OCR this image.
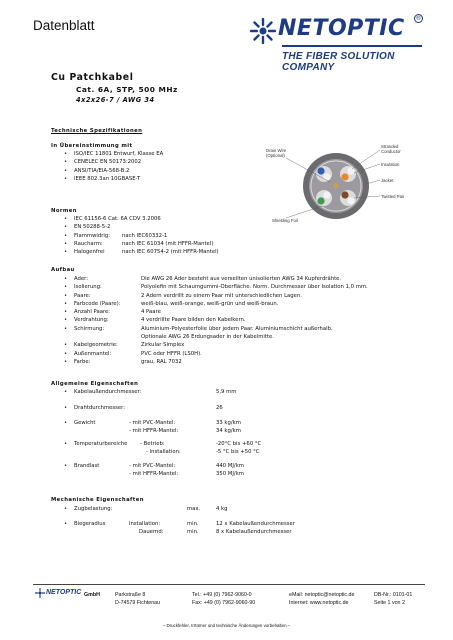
Datenblatt	NETOPTIC ®
THE FIBER SOLUTION COMPANY
Cu Patchkabel
Cat. 6A, STP, 500 MHz
4x2x26-7 / AWG 34
Technische Spezifikationen
In Übereinstimmung mit
• ISO/IEC 11801 Entwurf, Klasse EA
• CENELEC EN 50173:2002
• ANSI/TIA/EIA-568-B.2
• IEEE 802.3an 10GBASE-T
Drain Wire
(Optional)
Stranded
Conductor
Insulation
Jacket
Twisted Pair
Shielding Foil
Normen
• IEC 61156-6 Cat. 6A CDV 3.2006
• EN 50288-5-2
• Flammwidrig: nach IEC60332-1
• Raucharm:	nach IEC 61034 (mit HFFR-Mantel)
• Halogenfrei	nach IEC 60754-2 (mit HFFR-Mantel)
Aufbau
• Ader:	Die AWG 26 Ader besteht aus verseilten unisolierten AWG 34 Kupferdrähte.
• Isolierung:	Polyolefin mit Schaumgummi-Oberfläche. Norm. Durchmesser über Isolation 1,0 mm.
• Paare:	2 Adern verdrillt zu einem Paar mit unterschiedlichen Lagen.
• Farbcode (Paare):	weiß-blau, weiß-orange, weiß-grün und weiß-braun.
• Anzahl Paare:	4 Paare
• Verdrahtung:	4 verdrillte Paare bilden den Kabelkern.
• Schirmung:	Aluminium-Polyesterfolie über jedem Paar. Aluminiumschicht außerhalb.
Optionale AWG 26 Erdungsader in der Kabelmitte.
• Kabelgeometrie:	Zirkular Simplex
• Außenmantel:	PVC oder HFFR (LS0H).
• Farbe:	grau, RAL 7032
Allgemeine Eigenschaften
• Kabelaußendurchmesser:	5,9 mm
• Drahtdurchmesser:	26
• Gewicht	- mit PVC-Mantel:	33 kg/km
- mit HFFR-Mantel:	34 kg/km
• Temperaturbereiche - Betrieb:	-20°C bis +60 °C
- Installation:	-5 °C bis +50 °C
• Brandlast	- mit PVC-Mantel:	440 MJ/km
- mit HFFR-Mantel:	350 MJ/km
Mechanische Eigenschaften
• Zugbelastung:	max.	4 kg
• Biegeradius	Installation:	min.	12 x Kabelaußendurchmesser
Dauernd:	min.	8 x Kabelaußendurchmesser
NETOPTIC GmbH	Parkstraße 8
D-74579 Fichtenau
Tel.: +49 (0) 7962-9060-0
Fax: +49 (0) 7962-9060-90
eMail: netoptic@netoptic.de
Internet: www.netoptic.de
DB-Nr.: 0101-01
Seite 1 von 2
– Druckfehler, Irrtümer und technische Änderungen vorbehalten –
